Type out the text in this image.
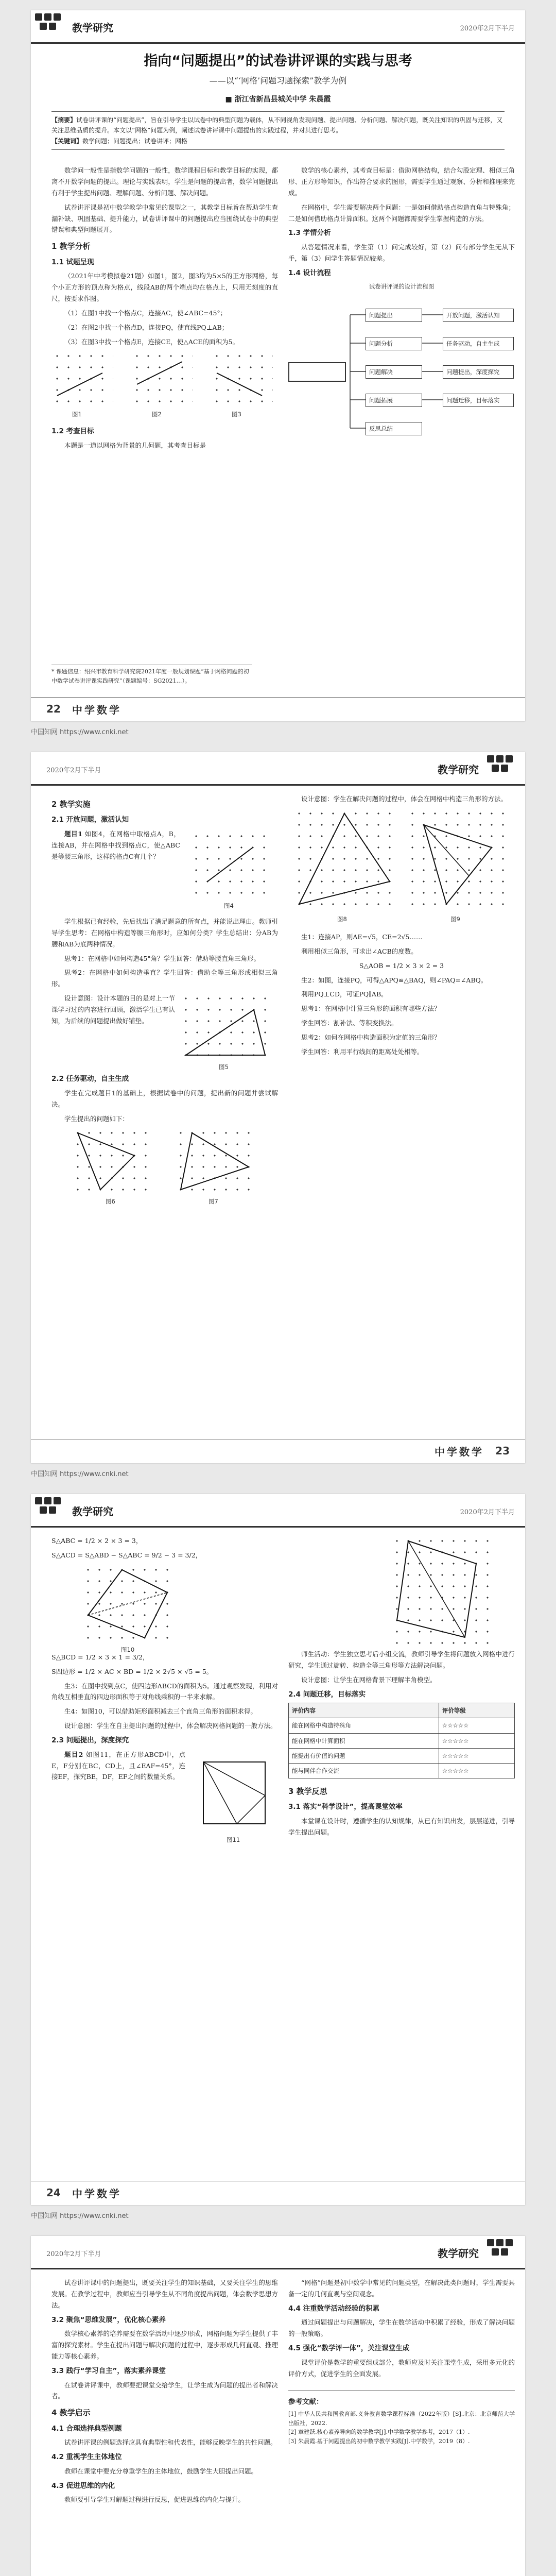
教学研究	2020年2月下半月
指向“问题提出”的试卷讲评课的实践与思考
——以“‘网格’问题习题探索”教学为例
■ 浙江省新昌县城关中学 朱晨霞
【摘要】试卷讲评课的“问题提出”，旨在引导学生以试卷中的典型问题为载体，从不同视角发现问题、提出问题、分析问题、解决问题，既关注知识的巩固与迁移，又关注思维品质的提升。本文以“网格”问题为例，阐述试卷讲评课中问题提出的实践过程，并对其进行思考。
【关键词】数学问题；问题提出；试卷讲评；网格

数学问一般性是指数学问题的一般性，数学课程目标和教学目标的实现，都离不开数学问题的提出。理论与实践表明，学生是问题的提出者，数学问题提出有利于学生提出问题、理解问题、分析问题、解决问题。

试卷讲评课是初中数学教学中常见的课型之一，其教学目标旨在帮助学生查漏补缺、巩固基础、提升能力，试卷讲评课中的问题提出应当围绕试卷中的典型错误和典型问题展开。

1 教学分析
1.1 试题呈现

（2021年中考模拟卷21题）如图1，图2，图3均为5×5的正方形网格，每个小正方形的顶点称为格点，线段AB的两个端点均在格点上，只用无刻度的直尺，按要求作图。

（1）在图1中找一个格点C，连接AC，使∠ABC=45°；

（2）在图2中找一个格点D，连接PQ，使直线PQ⊥AB；

（3）在图3中找一个格点E，连接CE，使△ACE的面积为5。

图1	图2	图3
1.2 考查目标

本题是一道以网格为背景的几何题，其考查目标是

数学的核心素养，其考查目标是：借助网格结构，结合勾股定理、相似三角形、正方形等知识，作出符合要求的图形，需要学生通过观察、分析和推理来完成。

在网格中，学生需要解决两个问题：一是如何借助格点构造直角与特殊角；二是如何借助格点计算面积。这两个问题都需要学生掌握构造的方法。

1.3 学情分析

从答题情况来看，学生第（1）问完成较好，第（2）问有部分学生无从下手，第（3）问学生答题情况较差。

1.4 设计流程
试卷讲评课的设计流程图
问题提出
问题分析
问题解决
问题拓展
反思总结
开放问题，激活认知
任务驱动，自主生成
问题提出，深度探究
问题迁移，目标落实
* 课题信息：绍兴市教育科学研究院2021年度一般规划课题“基于网格问题的初中数学试卷讲评课实践研究”（课题编号：SG2021…）。
22 中学数学
中国知网 https://www.cnki.net
2020年2月下半月	教学研究
2 教学实施
2.1 开放问题，激活认知

题目1 如图4，在网格中取格点A，B，连接AB，并在网格中找到格点C，使△ABC是等腰三角形，这样的格点C有几个？

图4

学生根据已有经验，先后找出了满足题意的所有点，并能说出理由。教师引导学生思考：在网格中构造等腰三角形时，应如何分类？学生总结出：分AB为腰和AB为底两种情况。

思考1：在网格中如何构造45°角？学生回答：借助等腰直角三角形。

思考2：在网格中如何构造垂直？学生回答：借助全等三角形或相似三角形。

图5

设计意图：设计本题的目的是对上一节课学习过的内容进行回顾，激活学生已有认知，为后续的问题提出做好铺垫。

2.2 任务驱动，自主生成

学生在完成题目1的基础上，根据试卷中的问题，提出新的问题并尝试解决。

学生提出的问题如下：

图6	图7

设计意图：学生在解决问题的过程中，体会在网格中构造三角形的方法。

图8	图9

生1：连接AP，则AE=√5，CE=2√5……

利用相似三角形，可求出∠ACB的度数。

S△AOB = 1/2 × 3 × 2 = 3

生2：如图，连接PQ，可得△APQ≌△BAQ，则∠PAQ=∠ABQ。

利用PQ⊥CD，可证PQ∥AB。

思考1：在网格中计算三角形的面积有哪些方法？

学生回答：割补法、等积变换法。

思考2：如何在网格中构造面积为定值的三角形？

学生回答：利用平行线间的距离处处相等。

中学数学 23
中国知网 https://www.cnki.net
教学研究	2020年2月下半月

S△ABC = 1/2 × 2 × 3 = 3，

S△ACD = S△ABD − S△ABC = 9/2 − 3 = 3/2，

图10

S△BCD = 1/2 × 3 × 1 = 3/2，

S四边形 = 1/2 × AC × BD = 1/2 × 2√5 × √5 = 5。

生3：在图中找到点C，使四边形ABCD的面积为5。通过观察发现，利用对角线互相垂直的四边形面积等于对角线乘积的一半来求解。

生4：如图10，可以借助矩形面积减去三个直角三角形的面积求得。

设计意图：学生在自主提出问题的过程中，体会解决网格问题的一般方法。

2.3 问题提出，深度探究

题目2 如图11，在正方形ABCD中，点E，F分别在BC，CD上，且∠EAF=45°，连接EF，探究BE，DF，EF之间的数量关系。

图11

师生活动：学生独立思考后小组交流，教师引导学生将问题放入网格中进行研究，学生通过旋转、构造全等三角形等方法解决问题。

设计意图：让学生在网格背景下理解半角模型。

2.4 问题迁移，目标落实
评价内容	评价等级
能在网格中构造特殊角	☆☆☆☆☆
能在网格中计算面积	☆☆☆☆☆
能提出有价值的问题	☆☆☆☆☆
能与同伴合作交流	☆☆☆☆☆
3 教学反思
3.1 落实“科学设计”，提高课堂效率

本堂课在设计时，遵循学生的认知规律，从已有知识出发，层层递进，引导学生提出问题。

24 中学数学
中国知网 https://www.cnki.net
2020年2月下半月	教学研究

试卷讲评课中的问题提出，既要关注学生的知识基础，又要关注学生的思维发展。在教学过程中，教师应当引导学生从不同角度提出问题，体会数学思想方法。

3.2 聚焦“思维发展”，优化核心素养

数学核心素养的培养需要在数学活动中逐步形成，网格问题为学生提供了丰富的探究素材。学生在提出问题与解决问题的过程中，逐步形成几何直观、推理能力等核心素养。

3.3 践行“学习自主”，落实素养课堂

在试卷讲评课中，教师要把课堂交给学生，让学生成为问题的提出者和解决者。

4 教学启示
4.1 合理选择典型例题

试卷讲评课的例题选择应具有典型性和代表性，能够反映学生的共性问题。

4.2 重视学生主体地位

教师在课堂中要充分尊重学生的主体地位，鼓励学生大胆提出问题。

4.3 促进思维的内化

教师要引导学生对解题过程进行反思，促进思维的内化与提升。

“网格”问题是初中数学中常见的问题类型，在解决此类问题时，学生需要具备一定的几何直观与空间观念。

4.4 注重数学活动经验的积累

通过问题提出与问题解决，学生在数学活动中积累了经验，形成了解决问题的一般策略。

4.5 强化“数学评一体”，关注课堂生成

课堂评价是教学的重要组成部分，教师应及时关注课堂生成，采用多元化的评价方式，促进学生的全面发展。

参考文献：
[1] 中华人民共和国教育部.义务教育数学课程标准（2022年版）[S].北京：北京师范大学出版社，2022.
[2] 章建跃.核心素养导向的数学教学[J].中学数学教学参考，2017（1）.
[3] 朱晨霞.基于问题提出的初中数学教学实践[J].中学数学，2019（8）.
